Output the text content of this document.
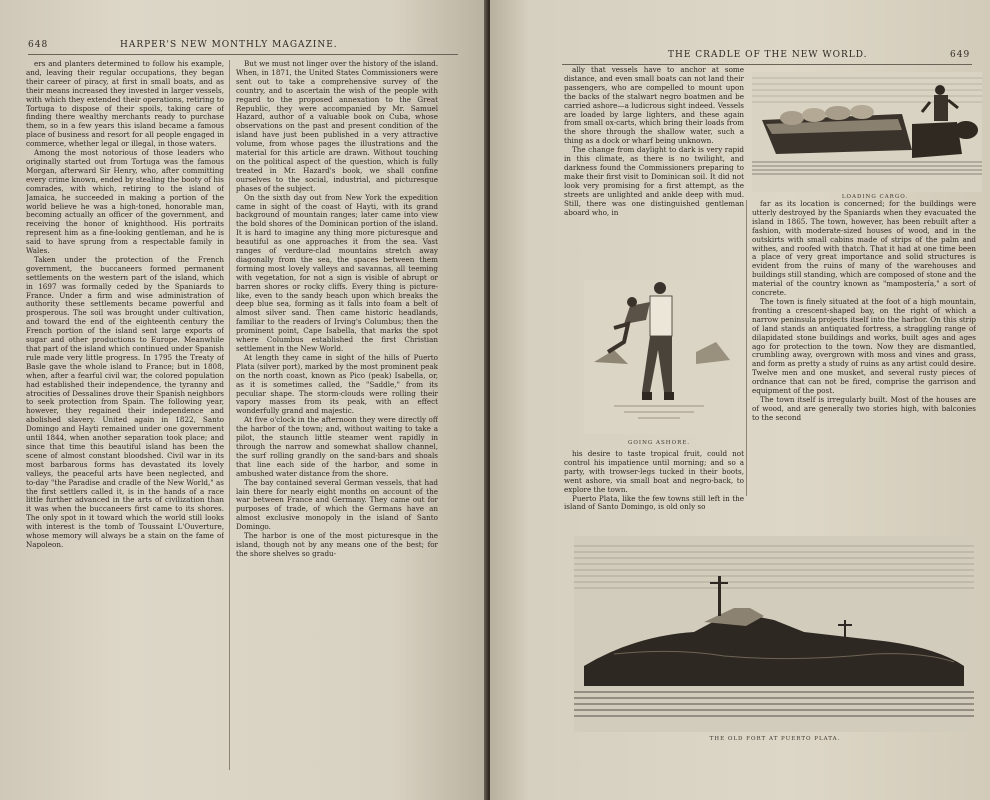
648	HARPER'S NEW MONTHLY MAGAZINE.

ers and planters determined to follow his example, and, leaving their regular occupations, they began their career of piracy, at first in small boats, and as their means increased they invested in larger vessels, with which they extended their operations, retiring to Tortuga to dispose of their spoils, taking care of finding there wealthy merchants ready to purchase them, so in a few years this island became a famous place of business and resort for all people engaged in commerce, whether legal or illegal, in those waters.

Among the most notorious of those leaders who originally started out from Tortuga was the famous Morgan, afterward Sir Henry, who, after committing every crime known, ended by stealing the booty of his comrades, with which, retiring to the island of Jamaica, he succeeded in making a portion of the world believe he was a high-toned, honorable man, becoming actually an officer of the government, and receiving the honor of knighthood. His portraits represent him as a fine-looking gentleman, and he is said to have sprung from a respectable family in Wales.

Taken under the protection of the French government, the buccaneers formed permanent settlements on the western part of the island, which in 1697 was formally ceded by the Spaniards to France. Under a firm and wise administration of authority these settlements became powerful and prosperous. The soil was brought under cultivation, and toward the end of the eighteenth century the French portion of the island sent large exports of sugar and other productions to Europe. Meanwhile that part of the island which continued under Spanish rule made very little progress. In 1795 the Treaty of Basle gave the whole island to France; but in 1808, when, after a fearful civil war, the colored population had established their independence, the tyranny and atrocities of Dessalines drove their Spanish neighbors to seek protection from Spain. The following year, however, they regained their independence and abolished slavery. United again in 1822, Santo Domingo and Hayti remained under one government until 1844, when another separation took place; and since that time this beautiful island has been the scene of almost constant bloodshed. Civil war in its most barbarous forms has devastated its lovely valleys, the peaceful arts have been neglected, and to-day "the Paradise and cradle of the New World," as the first settlers called it, is in the hands of a race little further advanced in the arts of civilization than it was when the buccaneers first came to its shores. The only spot in it toward which the world still looks with interest is the tomb of Toussaint L'Ouverture, whose memory will always be a stain on the fame of Napoleon.

But we must not linger over the history of the island. When, in 1871, the United States Commissioners were sent out to take a comprehensive survey of the country, and to ascertain the wish of the people with regard to the proposed annexation to the Great Republic, they were accompanied by Mr. Samuel Hazard, author of a valuable book on Cuba, whose observations on the past and present condition of the island have just been published in a very attractive volume, from whose pages the illustrations and the material for this article are drawn. Without touching on the political aspect of the question, which is fully treated in Mr. Hazard's book, we shall confine ourselves to the social, industrial, and picturesque phases of the subject.

On the sixth day out from New York the expedition came in sight of the coast of Hayti, with its grand background of mountain ranges; later came into view the bold shores of the Dominican portion of the island. It is hard to imagine any thing more picturesque and beautiful as one approaches it from the sea. Vast ranges of verdure-clad mountains stretch away diagonally from the sea, the spaces between them forming most lovely valleys and savannas, all teeming with vegetation, for not a sign is visible of abrupt or barren shores or rocky cliffs. Every thing is picture-like, even to the sandy beach upon which breaks the deep blue sea, forming as it falls into foam a belt of almost silver sand. Then came historic headlands, familiar to the readers of Irving's Columbus; then the prominent point, Cape Isabella, that marks the spot where Columbus established the first Christian settlement in the New World.

At length they came in sight of the hills of Puerto Plata (silver port), marked by the most prominent peak on the north coast, known as Pico (peak) Isabella, or, as it is sometimes called, the "Saddle," from its peculiar shape. The storm-clouds were rolling their vapory masses from its peak, with an effect wonderfully grand and majestic.

At five o'clock in the afternoon they were directly off the harbor of the town; and, without waiting to take a pilot, the staunch little steamer went rapidly in through the narrow and somewhat shallow channel, the surf rolling grandly on the sand-bars and shoals that line each side of the harbor, and some in ambushed water distance from the shore.

The bay contained several German vessels, that had lain there for nearly eight months on account of the war between France and Germany. They came out for purposes of trade, of which the Germans have an almost exclusive monopoly in the island of Santo Domingo.

The harbor is one of the most picturesque in the island, though not by any means one of the best; for the shore shelves so gradu-

THE CRADLE OF THE NEW WORLD.	649

ally that vessels have to anchor at some distance, and even small boats can not land their passengers, who are compelled to mount upon the backs of the stalwart negro boatmen and be carried ashore—a ludicrous sight indeed. Vessels are loaded by large lighters, and these again from small ox-carts, which bring their loads from the shore through the shallow water, such a thing as a dock or wharf being unknown.

The change from daylight to dark is very rapid in this climate, as there is no twilight, and darkness found the Commissioners preparing to make their first visit to Dominican soil. It did not look very promising for a first attempt, as the streets are unlighted and ankle deep with mud. Still, there was one distinguished gentleman aboard who, in

LOADING CARGO.

far as its location is concerned; for the buildings were utterly destroyed by the Spaniards when they evacuated the island in 1865. The town, however, has been rebuilt after a fashion, with moderate-sized houses of wood, and in the outskirts with small cabins made of strips of the palm and withes, and roofed with thatch. That it had at one time been a place of very great importance and solid structures is evident from the ruins of many of the warehouses and buildings still standing, which are composed of stone and the material of the country known as "mampostería," a sort of concrete.

The town is finely situated at the foot of a high mountain, fronting a crescent-shaped bay, on the right of which a narrow peninsula projects itself into the harbor. On this strip of land stands an antiquated fortress, a straggling range of dilapidated stone buildings and works, built ages and ages ago for protection to the town. Now they are dismantled, crumbling away, overgrown with moss and vines and grass, and form as pretty a study of ruins as any artist could desire. Twelve men and one musket, and several rusty pieces of ordnance that can not be fired, comprise the garrison and equipment of the post.

The town itself is irregularly built. Most of the houses are of wood, and are generally two stories high, with balconies to the second

GOING ASHORE.

his desire to taste tropical fruit, could not control his impatience until morning; and so a party, with trowser-legs tucked in their boots, went ashore, via small boat and negro-back, to explore the town.

Puerto Plata, like the few towns still left in the island of Santo Domingo, is old only so

THE OLD FORT AT PUERTO PLATA.
